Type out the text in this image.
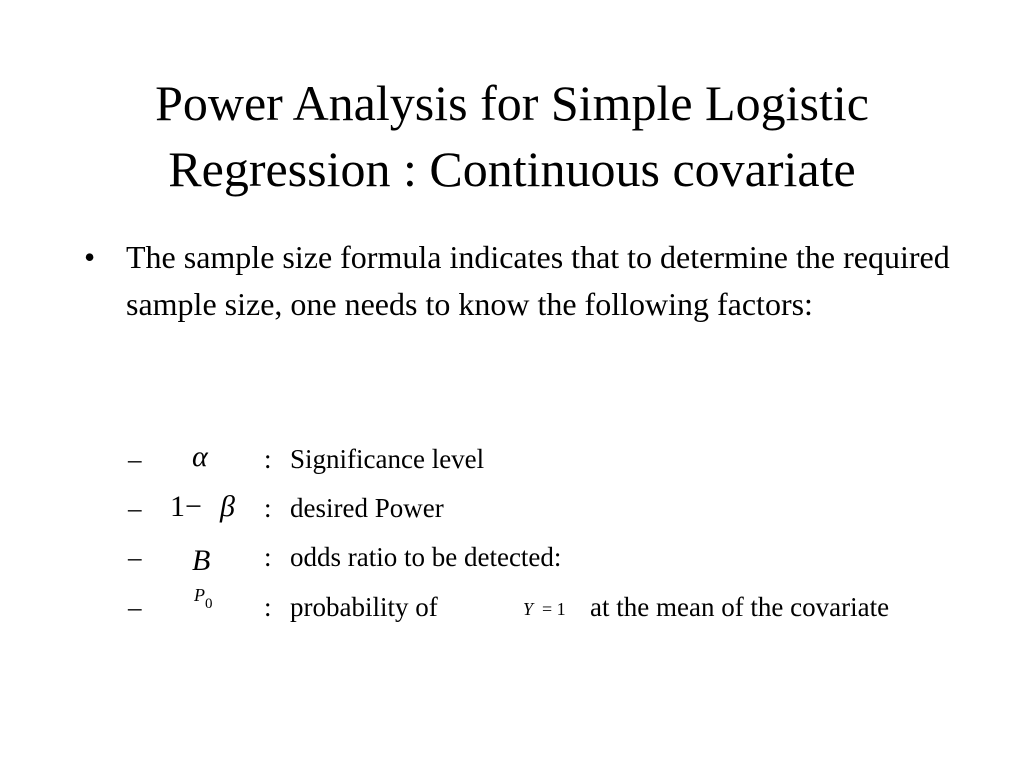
Power Analysis for Simple Logistic
Regression : Continuous covariate
• The sample size formula indicates that to determine the required sample size, one needs to know the following factors:
– α : Significance level
– 1− β : desired Power
– B : odds ratio to be detected:
–	P 0 : probability of	Y = 1 at the mean of the covariate
